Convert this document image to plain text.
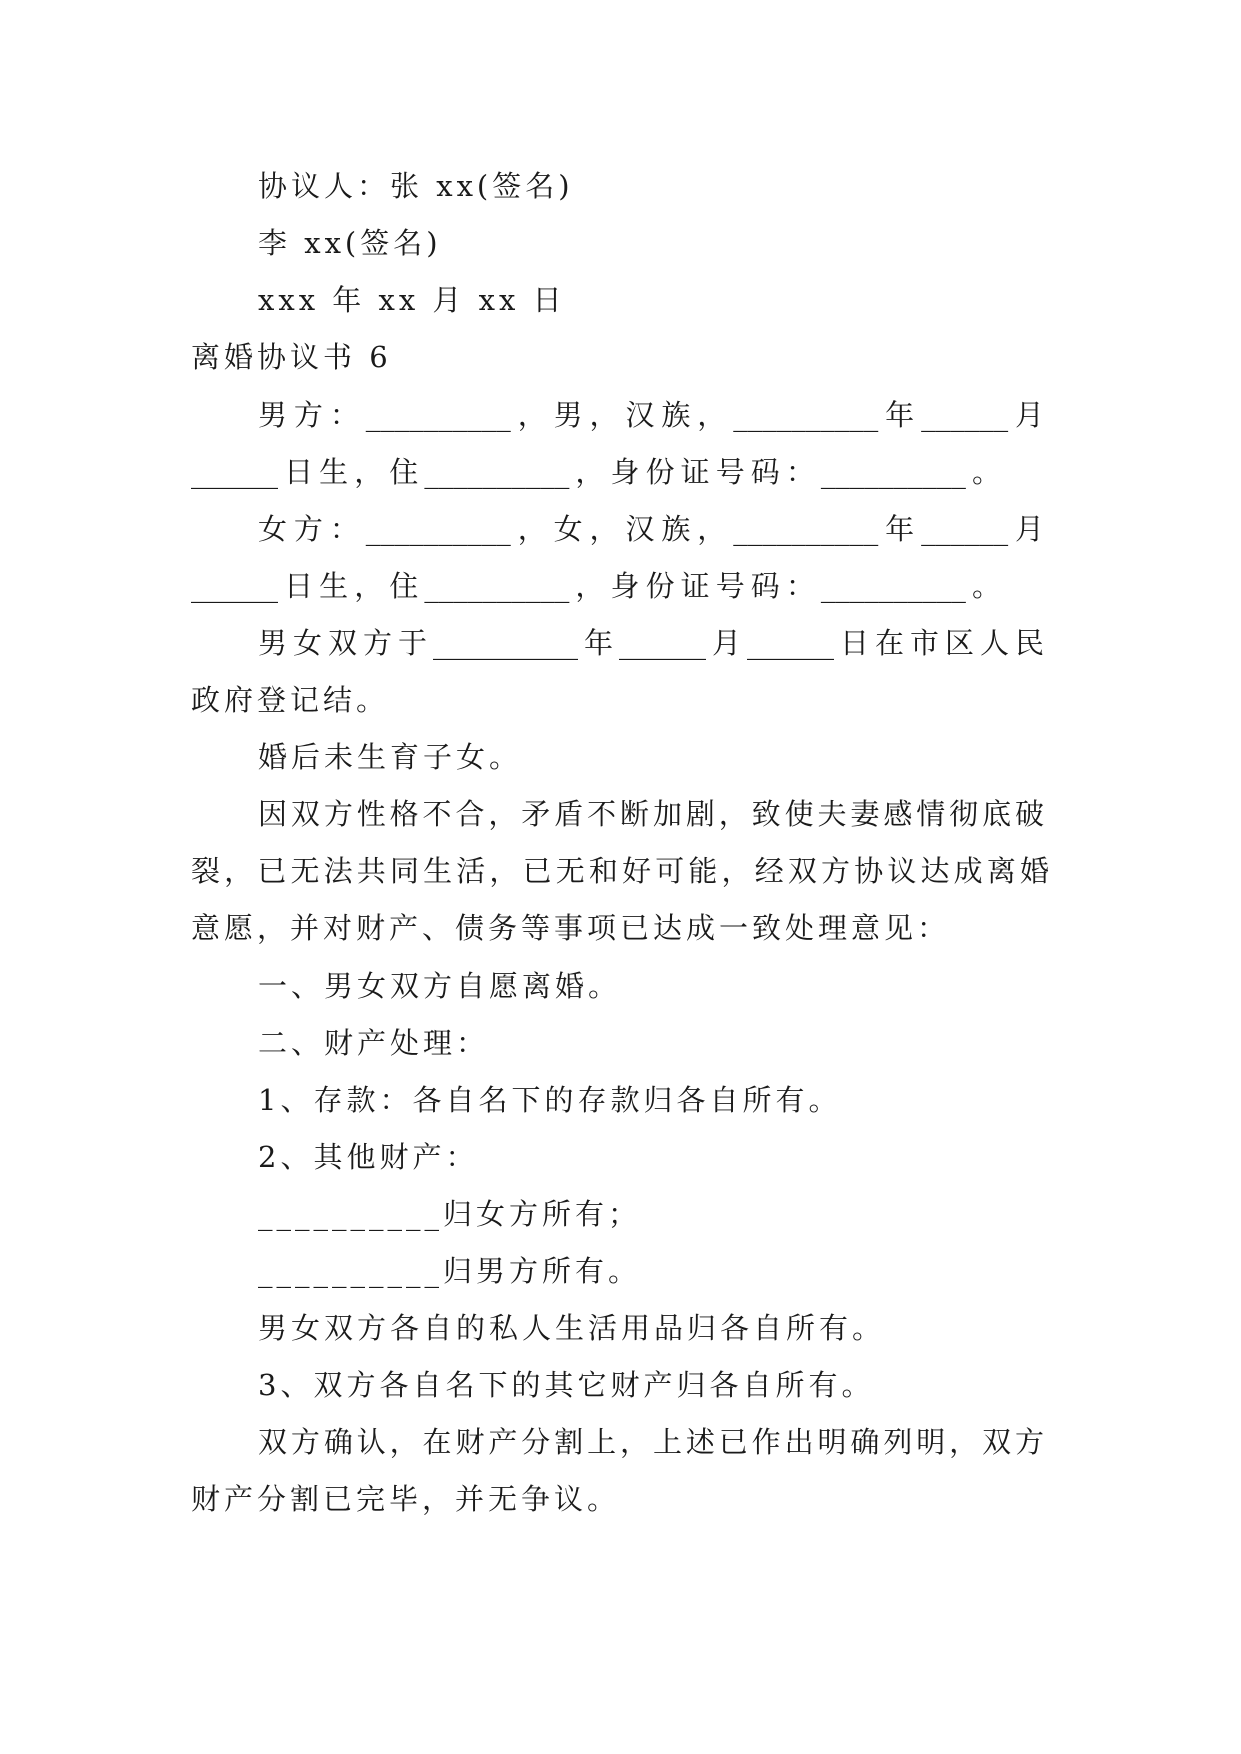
协议人：张 xx(签名)
李 xx(签名)
xxx 年 xx 月 xx 日
离婚协议书 6
男方：__________，男，汉族，__________年______月
______日生，住__________，身份证号码：__________。
女方：__________，女，汉族，__________年______月
______日生，住__________，身份证号码：__________。
男女双方于__________年______月______日在市区人民
政府登记结。
婚后未生育子女。
因双方性格不合，矛盾不断加剧，致使夫妻感情彻底破
裂，已无法共同生活，已无和好可能，经双方协议达成离婚
意愿，并对财产、债务等事项已达成一致处理意见：
一、男女双方自愿离婚。
二、财产处理：
1、存款：各自名下的存款归各自所有。
2、其他财产：
__________归女方所有；
__________归男方所有。
男女双方各自的私人生活用品归各自所有。
3、双方各自名下的其它财产归各自所有。
双方确认，在财产分割上，上述已作出明确列明，双方
财产分割已完毕，并无争议。
